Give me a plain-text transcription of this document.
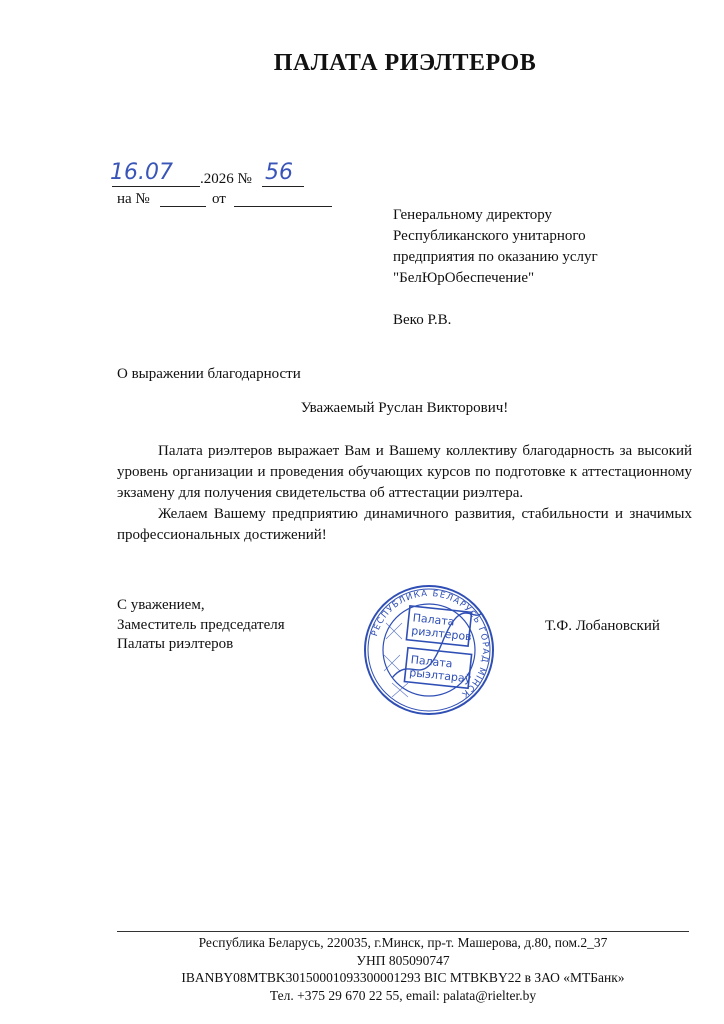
ПАЛАТА РИЭЛТЕРОВ
16.07 .2026 № 56
на №	от
Генеральному директору
Республиканского унитарного
предприятия по оказанию услуг
"БелЮрОбеспечение"
Веко Р.В.
О выражении благодарности
Уважаемый Руслан Викторович!

Палата риэлтеров выражает Вам и Вашему коллективу благодарность за высокий уровень организации и проведения обучающих курсов по подготовке к аттестационному экзамену для получения свидетельства об аттестации риэлтера.

Желаем Вашему предприятию динамичного развития, стабильности и значимых профессиональных достижений!

С уважением,
Заместитель председателя
Палаты риэлтеров
Т.Ф. Лобановский
РЕСПУБЛИКА БЕЛАРУСЬ ГОРАД МІНСК
Палата
риэлтеров
Палата
рыэлтараў
Республика Беларусь, 220035, г.Минск, пр-т. Машерова, д.80, пом.2_37
УНП 805090747
IBANBY08MTBK30150001093300001293 BIC MTBKBY22 в ЗАО «МТБанк»
Тел. +375 29 670 22 55, email: palata@rielter.by
